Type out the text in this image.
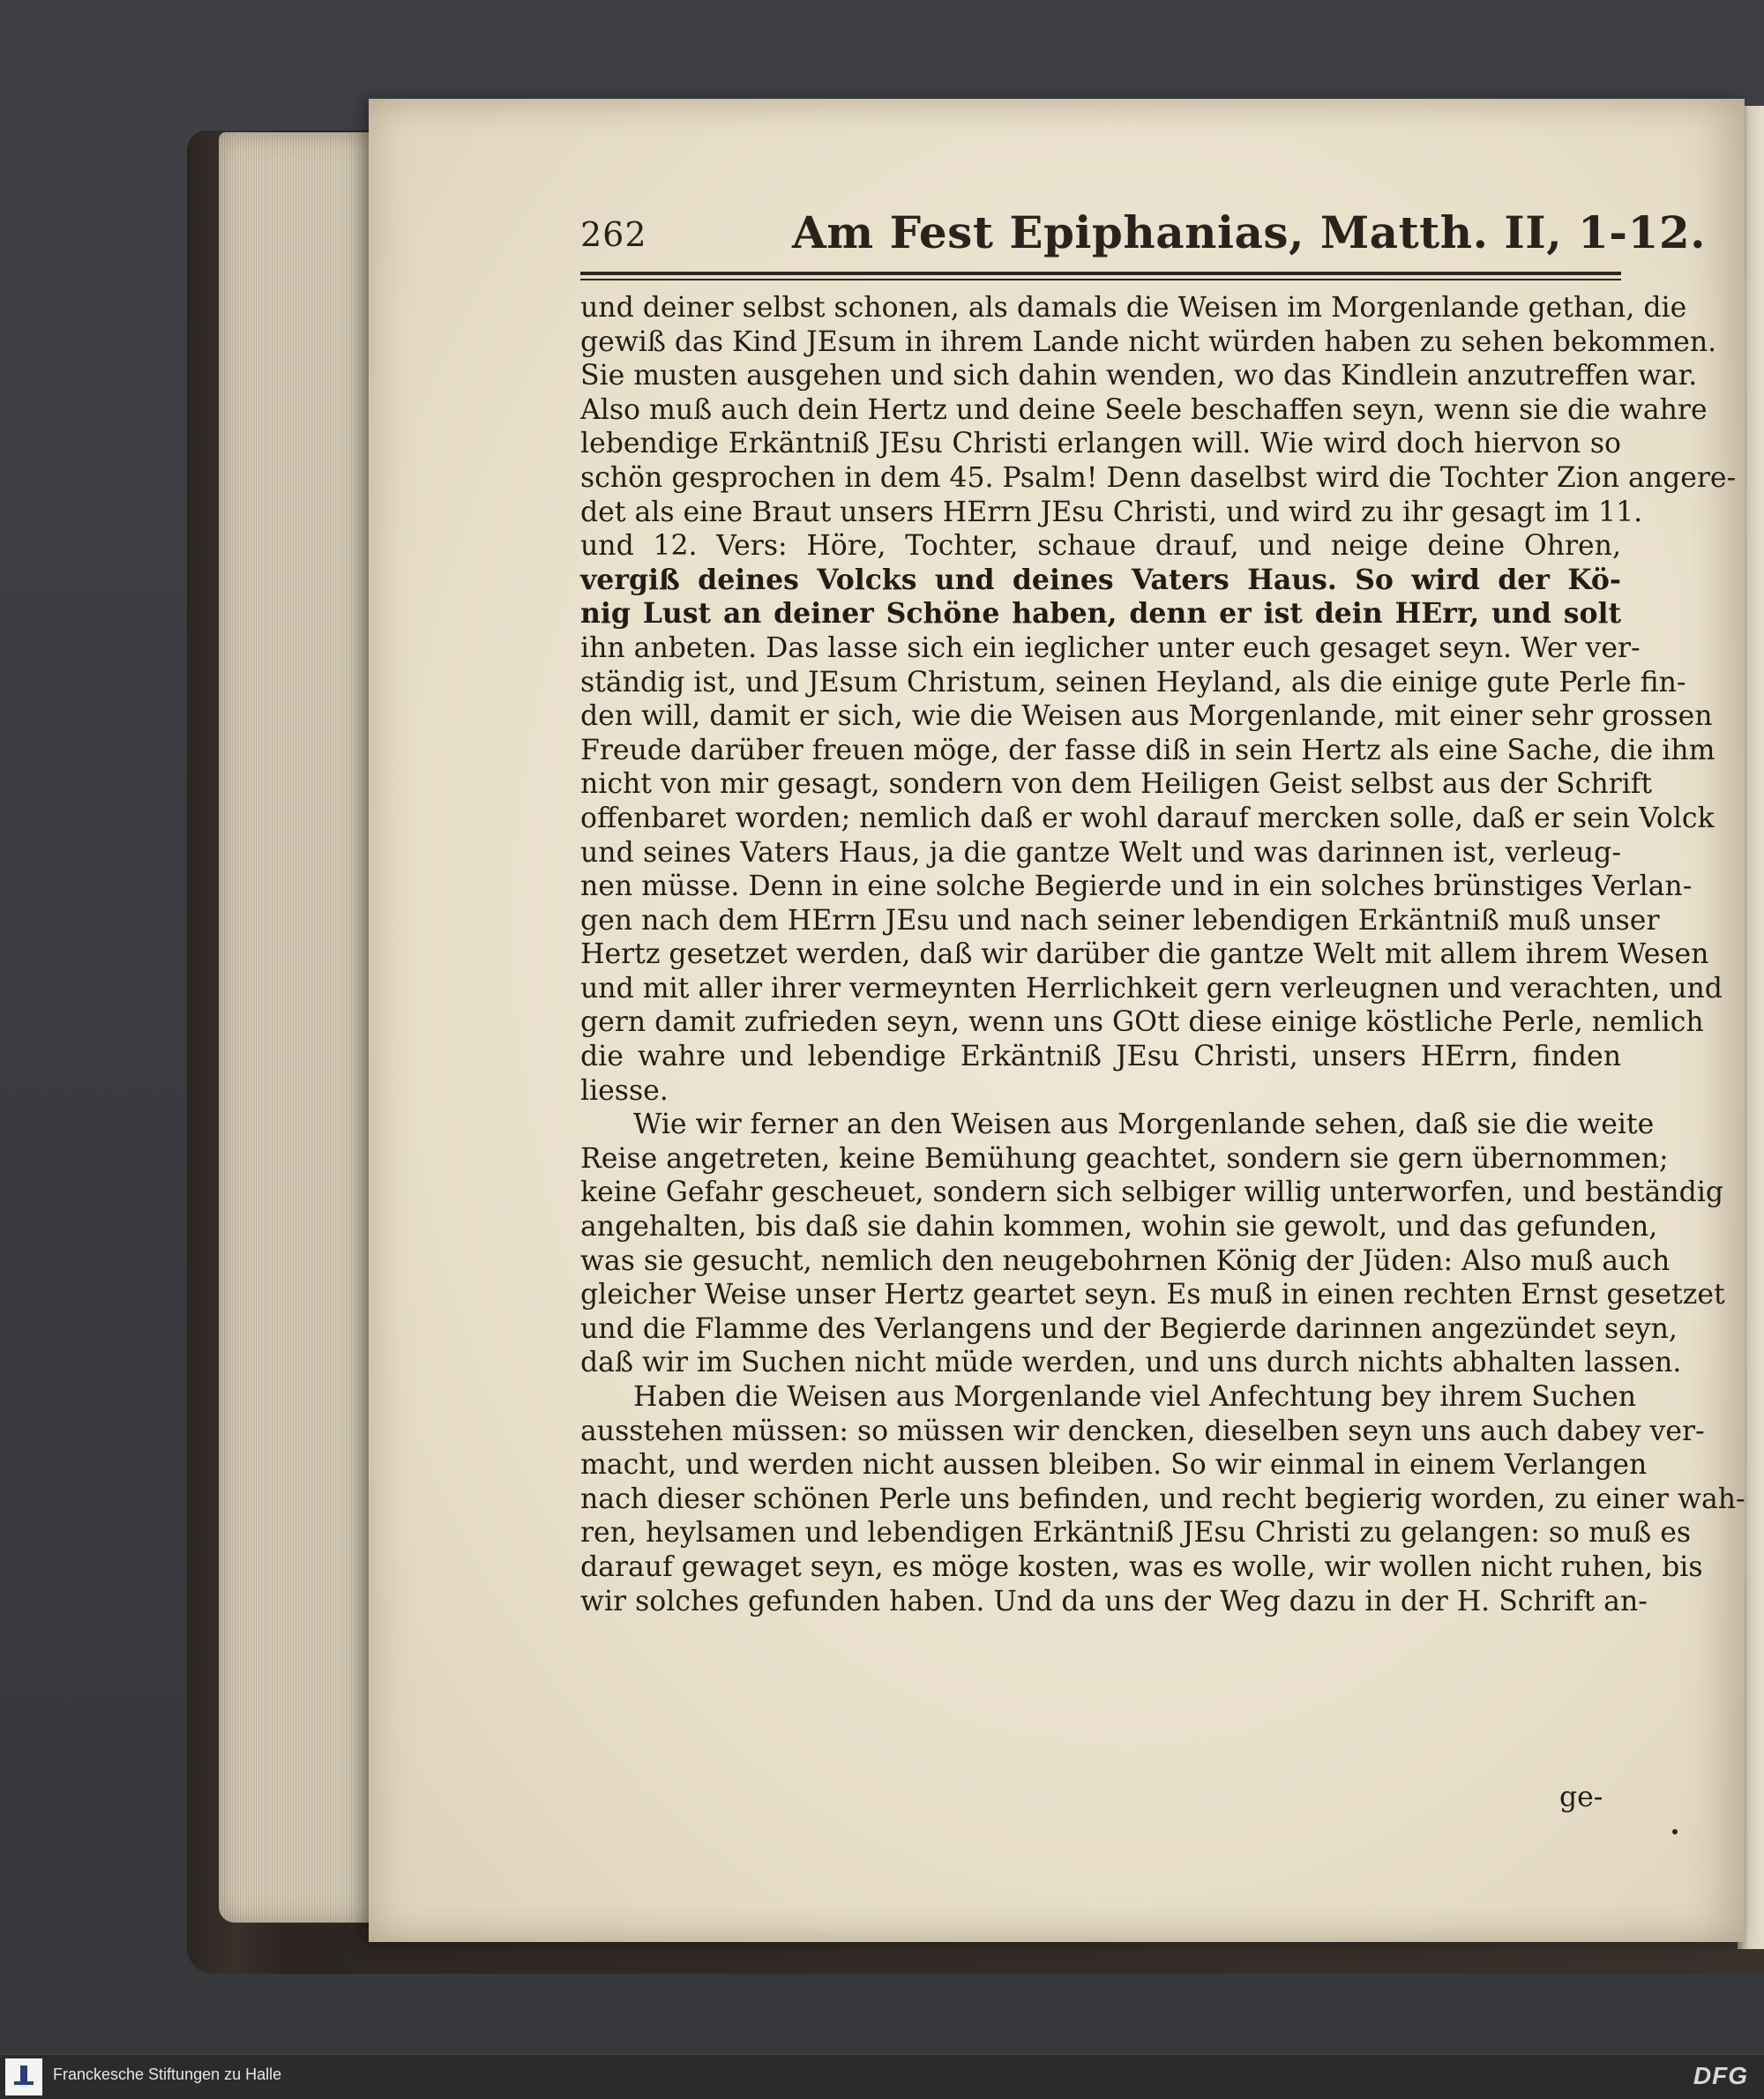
262	Am Fest Epiphanias, Matth. II, 1-12.
und deiner selbst schonen, als damals die Weisen im Morgenlande gethan, die
gewiß das Kind JEsum in ihrem Lande nicht würden haben zu sehen bekommen.
Sie musten ausgehen und sich dahin wenden, wo das Kindlein anzutreffen war.
Also muß auch dein Hertz und deine Seele beschaffen seyn, wenn sie die wahre
lebendige Erkäntniß JEsu Christi erlangen will. Wie wird doch hiervon so
schön gesprochen in dem 45. Psalm! Denn daselbst wird die Tochter Zion angere-
det als eine Braut unsers HErrn JEsu Christi, und wird zu ihr gesagt im 11.
und 12. Vers: Höre, Tochter, schaue drauf, und neige deine Ohren,
vergiß deines Volcks und deines Vaters Haus. So wird der Kö-
nig Lust an deiner Schöne haben, denn er ist dein HErr, und solt
ihn anbeten. Das lasse sich ein ieglicher unter euch gesaget seyn. Wer ver-
ständig ist, und JEsum Christum, seinen Heyland, als die einige gute Perle fin-
den will, damit er sich, wie die Weisen aus Morgenlande, mit einer sehr grossen
Freude darüber freuen möge, der fasse diß in sein Hertz als eine Sache, die ihm
nicht von mir gesagt, sondern von dem Heiligen Geist selbst aus der Schrift
offenbaret worden; nemlich daß er wohl darauf mercken solle, daß er sein Volck
und seines Vaters Haus, ja die gantze Welt und was darinnen ist, verleug-
nen müsse. Denn in eine solche Begierde und in ein solches brünstiges Verlan-
gen nach dem HErrn JEsu und nach seiner lebendigen Erkäntniß muß unser
Hertz gesetzet werden, daß wir darüber die gantze Welt mit allem ihrem Wesen
und mit aller ihrer vermeynten Herrlichkeit gern verleugnen und verachten, und
gern damit zufrieden seyn, wenn uns GOtt diese einige köstliche Perle, nemlich
die wahre und lebendige Erkäntniß JEsu Christi, unsers HErrn, finden
liesse.
Wie wir ferner an den Weisen aus Morgenlande sehen, daß sie die weite
Reise angetreten, keine Bemühung geachtet, sondern sie gern übernommen;
keine Gefahr gescheuet, sondern sich selbiger willig unterworfen, und beständig
angehalten, bis daß sie dahin kommen, wohin sie gewolt, und das gefunden,
was sie gesucht, nemlich den neugebohrnen König der Jüden: Also muß auch
gleicher Weise unser Hertz geartet seyn. Es muß in einen rechten Ernst gesetzet
und die Flamme des Verlangens und der Begierde darinnen angezündet seyn,
daß wir im Suchen nicht müde werden, und uns durch nichts abhalten lassen.
Haben die Weisen aus Morgenlande viel Anfechtung bey ihrem Suchen
ausstehen müssen: so müssen wir dencken, dieselben seyn uns auch dabey ver-
macht, und werden nicht aussen bleiben. So wir einmal in einem Verlangen
nach dieser schönen Perle uns befinden, und recht begierig worden, zu einer wah-
ren, heylsamen und lebendigen Erkäntniß JEsu Christi zu gelangen: so muß es
darauf gewaget seyn, es möge kosten, was es wolle, wir wollen nicht ruhen, bis
wir solches gefunden haben. Und da uns der Weg dazu in der H. Schrift an-
ge-
Franckesche Stiftungen zu Halle	DFG
